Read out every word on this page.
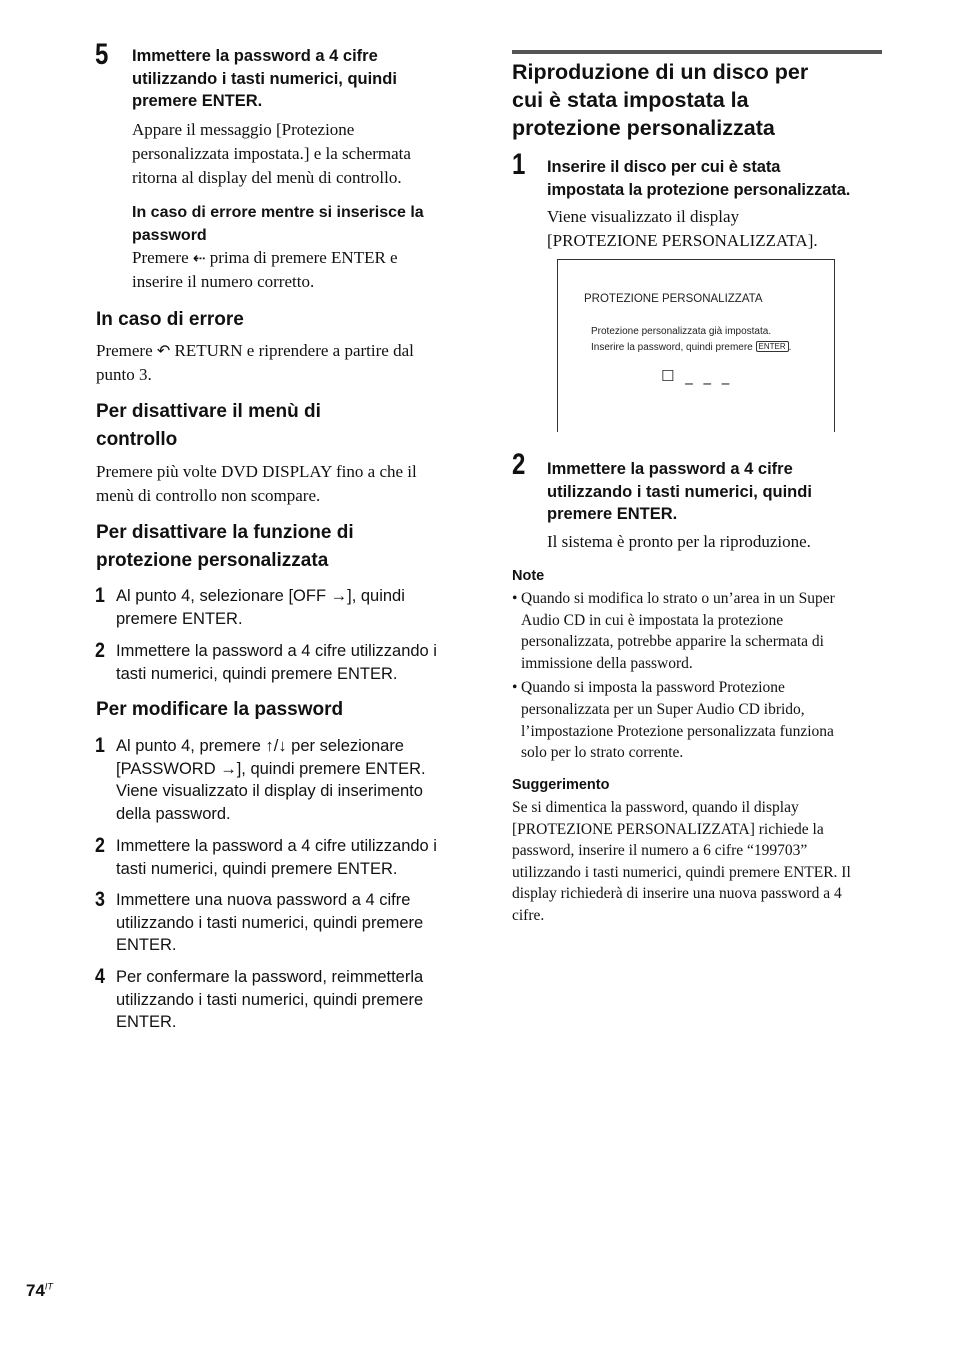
5 Immettere la password a 4 cifre
utilizzando i tasti numerici, quindi
premere ENTER.
Appare il messaggio [Protezione
personalizzata impostata.] e la schermata
ritorna al display del menù di controllo.
In caso di errore mentre si inserisce la
password
Premere ⇠ prima di premere ENTER e
inserire il numero corretto.
In caso di errore
Premere ↶ RETURN e riprendere a partire dal
punto 3.
Per disattivare il menù di
controllo
Premere più volte DVD DISPLAY fino a che il
menù di controllo non scompare.
Per disattivare la funzione di
protezione personalizzata
1 Al punto 4, selezionare [OFF →], quindi
premere ENTER.
2 Immettere la password a 4 cifre utilizzando i
tasti numerici, quindi premere ENTER.
Per modificare la password
1 Al punto 4, premere ↑/↓ per selezionare
[PASSWORD →], quindi premere ENTER.
Viene visualizzato il display di inserimento
della password.
2 Immettere la password a 4 cifre utilizzando i
tasti numerici, quindi premere ENTER.
3 Immettere una nuova password a 4 cifre
utilizzando i tasti numerici, quindi premere
ENTER.
4 Per confermare la password, reimmetterla
utilizzando i tasti numerici, quindi premere
ENTER.
Riproduzione di un disco per
cui è stata impostata la
protezione personalizzata
1 Inserire il disco per cui è stata
impostata la protezione personalizzata.
Viene visualizzato il display
[PROTEZIONE PERSONALIZZATA].
PROTEZIONE PERSONALIZZATA
Protezione personalizzata già impostata.
Inserire la password, quindi premere ENTER .
☐ _ _ _
2 Immettere la password a 4 cifre
utilizzando i tasti numerici, quindi
premere ENTER.
Il sistema è pronto per la riproduzione.
Note
• Quando si modifica lo strato o un’area in un Super
Audio CD in cui è impostata la protezione
personalizzata, potrebbe apparire la schermata di
immissione della password.
• Quando si imposta la password Protezione
personalizzata per un Super Audio CD ibrido,
l’impostazione Protezione personalizzata funziona
solo per lo strato corrente.
Suggerimento
Se si dimentica la password, quando il display
[PROTEZIONE PERSONALIZZATA] richiede la
password, inserire il numero a 6 cifre “199703”
utilizzando i tasti numerici, quindi premere ENTER. Il
display richiederà di inserire una nuova password a 4
cifre.
$74^{IT}$
